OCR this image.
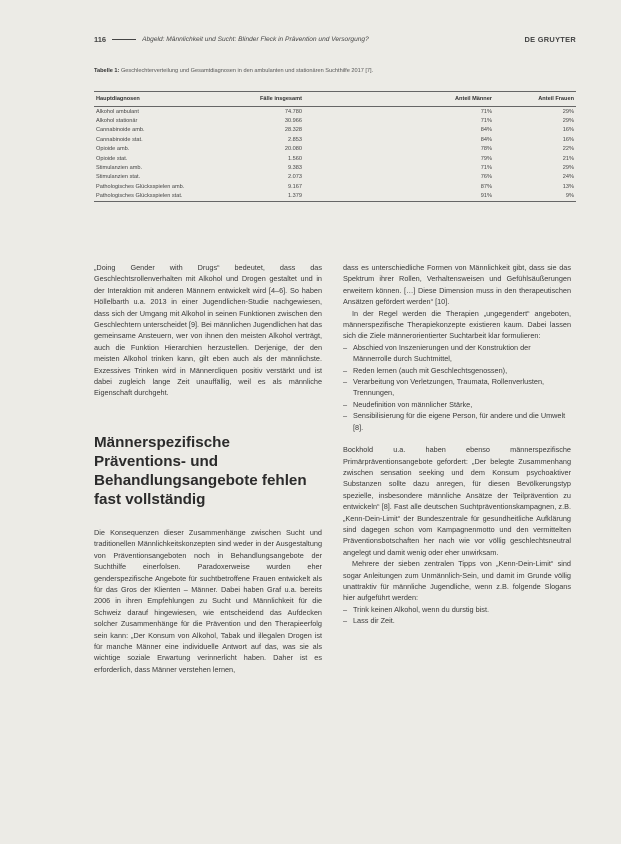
116	Abgeld: Männlichkeit und Sucht: Blinder Fleck in Prävention und Versorgung?	DE GRUYTER
Tabelle 1: Geschlechterverteilung und Gesamtdiagnosen in den ambulanten und stationären Suchthilfe 2017 [7].
Hauptdiagnosen	Fälle insgesamt	Anteil Männer	Anteil Frauen
Alkohol ambulant	74.780	71%	29%
Alkohol stationär	30.966	71%	29%
Cannabinoide amb.	28.328	84%	16%
Cannabinoide stat.	2.853	84%	16%
Opioide amb.	20.080	78%	22%
Opioide stat.	1.560	79%	21%
Stimulanzien amb.	9.383	71%	29%
Stimulanzien stat.	2.073	76%	24%
Pathologisches Glücksspielen amb.	9.167	87%	13%
Pathologisches Glücksspielen stat.	1.379	91%	9%

„Doing Gender with Drugs“ bedeutet, dass das Geschlechtsrollenverhalten mit Alkohol und Drogen gestaltet und in der Interaktion mit anderen Männern entwickelt wird [4–6]. So haben Höllelbarth u.a. 2013 in einer Jugendlichen-Studie nachgewiesen, dass sich der Umgang mit Alkohol in seinen Funktionen zwischen den Geschlechtern unterscheidet [9]. Bei männlichen Jugendlichen hat das gemeinsame Ansteuern, wer von ihnen den meisten Alkohol verträgt, auch die Funktion Hierarchien herzustellen. Derjenige, der den meisten Alkohol trinken kann, gilt eben auch als der männlichste. Exzessives Trinken wird in Männercliquen positiv verstärkt und ist dabei zugleich lange Zeit unauffällig, weil es als männliche Eigenschaft durchgeht.

Männerspezifische Präventions- und Behandlungsangebote fehlen fast vollständig

Die Konsequenzen dieser Zusammenhänge zwischen Sucht und traditionellen Männlichkeitskonzepten sind weder in der Ausgestaltung von Präventionsangeboten noch in Behandlungsangebote der Suchthilfe einerfolsen. Paradoxerweise wurden eher genderspezifische Angebote für suchtbetroffene Frauen entwickelt als für das Gros der Klienten – Männer. Dabei haben Graf u.a. bereits 2006 in ihren Empfehlungen zu Sucht und Männlichkeit für die Schweiz darauf hingewiesen, wie entscheidend das Aufdecken solcher Zusammenhänge für die Prävention und den Therapieerfolg sein kann: „Der Konsum von Alkohol, Tabak und illegalen Drogen ist für manche Männer eine individuelle Antwort auf das, was sie als wichtige soziale Erwartung verinnerlicht haben. Daher ist es erforderlich, dass Männer verstehen lernen,

dass es unterschiedliche Formen von Männlichkeit gibt, dass sie das Spektrum ihrer Rollen, Verhaltensweisen und Gefühlsäußerungen erweitern können. […] Diese Dimension muss in den therapeutischen Ansätzen gefördert werden“ [10].

In der Regel werden die Therapien „ungegendert“ angeboten, männerspezifische Therapiekonzepte existieren kaum. Dabei lassen sich die Ziele männerorientierter Suchtarbeit klar formulieren:

– Abschied von Inszenierungen und der Konstruktion der Männerrolle durch Suchtmittel,
– Reden lernen (auch mit Geschlechtsgenossen),
– Verarbeitung von Verletzungen, Traumata, Rollenverlusten, Trennungen,
– Neudefinition von männlicher Stärke,
– Sensibilisierung für die eigene Person, für andere und die Umwelt [8].

Bockhold u.a. haben ebenso männerspezifische Primärpräventionsangebote gefordert: „Der belegte Zusammenhang zwischen sensation seeking und dem Konsum psychoaktiver Substanzen sollte dazu anregen, für diesen Bevölkerungstyp spezielle, insbesondere männliche Ansätze der Teilprävention zu entwickeln“ [8]. Fast alle deutschen Suchtpräventionskampagnen, z.B. „Kenn-Dein-Limit“ der Bundeszentrale für gesundheitliche Aufklärung sind dagegen schon vom Kampagnenmotto und den vermittelten Präventionsbotschaften her nach wie vor völlig geschlechtsneutral angelegt und damit wenig oder eher unwirksam.

Mehrere der sieben zentralen Tipps von „Kenn-Dein-Limit“ sind sogar Anleitungen zum Unmännlich-Sein, und damit im Grunde völlig unattraktiv für männliche Jugendliche, wenn z.B. folgende Slogans hier aufgeführt werden:

– Trink keinen Alkohol, wenn du durstig bist.
– Lass dir Zeit.
